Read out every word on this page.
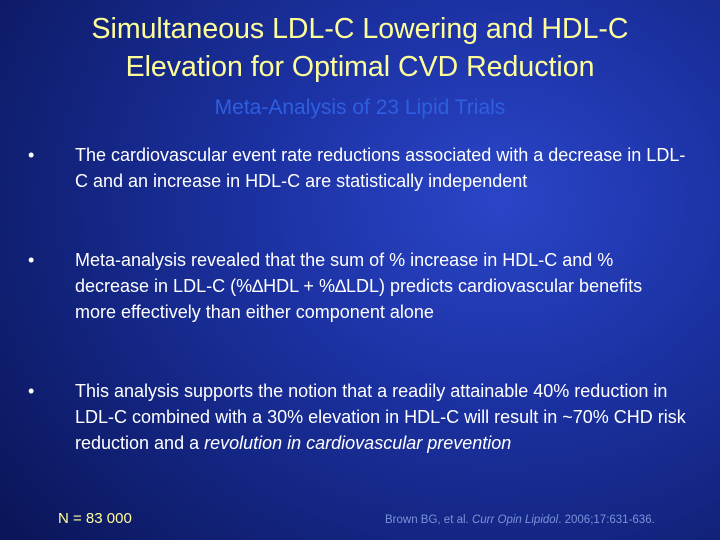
Simultaneous LDL-C Lowering and HDL-C
Elevation for Optimal CVD Reduction
Meta-Analysis of 23 Lipid Trials
•	The cardiovascular event rate reductions associated with a decrease in LDL-C and an increase in HDL-C are statistically independent
•	Meta-analysis revealed that the sum of % increase in HDL-C and % decrease in LDL-C (%∆HDL + %∆LDL) predicts cardiovascular benefits more effectively than either component alone
•	This analysis supports the notion that a readily attainable 40% reduction in LDL-C combined with a 30% elevation in HDL-C will result in ~70% CHD risk reduction and a revolution in cardiovascular prevention
N = 83 000	Brown BG, et al. Curr Opin Lipidol. 2006;17:631-636.
